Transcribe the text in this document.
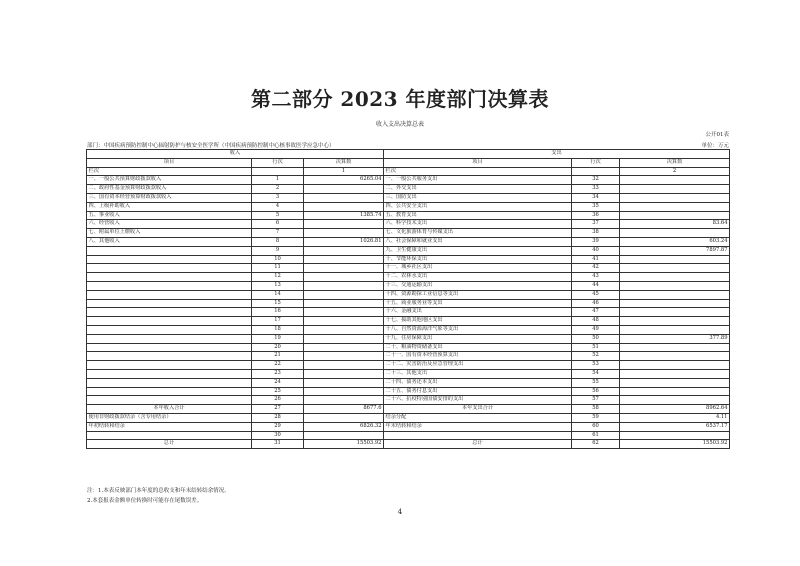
第二部分 2023 年度部门决算表
收入支出决算总表
公开01表
部门：中国疾病预防控制中心辐射防护与核安全医学所（中国疾病预防控制中心核事故医学应急中心）	单位：万元
收入			支出		
项目	行次	决算数	项目	行次	决算数
栏次		1	栏次		2
一、一般公共预算财政拨款收入	1	6265.04	一、一般公共服务支出	32	
二、政府性基金预算财政拨款收入	2		二、外交支出	33	
三、国有资本经营预算财政拨款收入	3		三、国防支出	34	
四、上级补助收入	4		四、公共安全支出	35	
五、事业收入	5	1385.74	五、教育支出	36	
六、经营收入	6		六、科学技术支出	37	83.64
七、附属单位上缴收入	7		七、文化旅游体育与传媒支出	38	
八、其他收入	8	1026.81	八、社会保障和就业支出	39	603.24
	9		九、卫生健康支出	40	7897.87
	10		十、节能环保支出	41	
	11		十一、城乡社区支出	42	
	12		十二、农林水支出	43	
	13		十三、交通运输支出	44	
	14		十四、资源勘探工业信息等支出	45	
	15		十五、商业服务业等支出	46	
	16		十六、金融支出	47	
	17		十七、援助其他地区支出	48	
	18		十八、自然资源海洋气象等支出	49	
	19		十九、住房保障支出	50	377.89
	20		二十、粮油物资储备支出	51	
	21		二十一、国有资本经营预算支出	52	
	22		二十二、灾害防治及应急管理支出	53	
	23		二十三、其他支出	54	
	24		二十四、债务还本支出	55	
	25		二十五、债务付息支出	56	
	26		二十六、抗疫特别国债安排的支出	57	
本年收入合计	27	8677.6	本年支出合计	58	8962.64
使用非财政拨款结余（含专用结余）	28		结余分配	59	4.11
年初结转和结余	29	6826.32	年末结转和结余	60	6537.17
	30			61	
总计	31	15503.92	总计	62	15503.92
注：1.本表反映部门本年度的总收支和年末结转结余情况。
2.本套报表金额单位转换时可能存在尾数误差。
4
